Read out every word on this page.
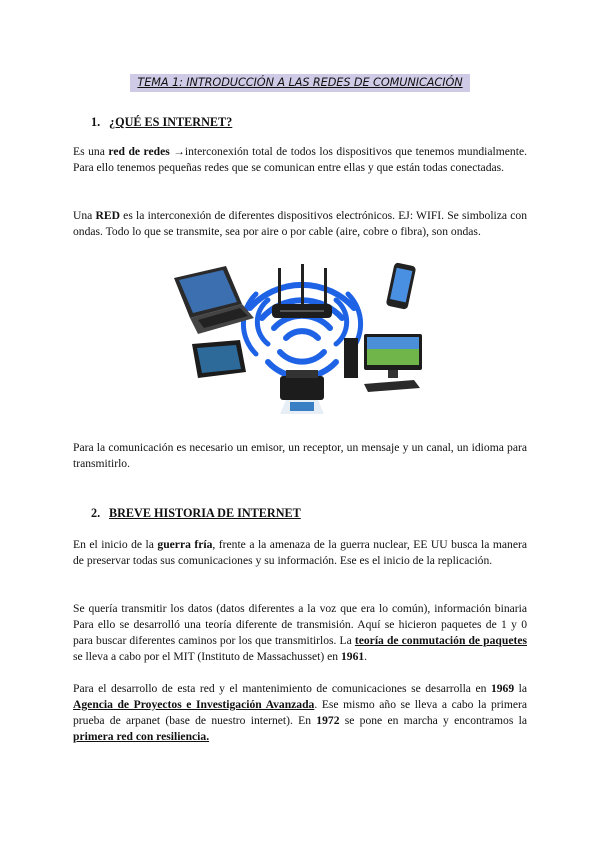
TEMA 1: INTRODUCCIÓN A LAS REDES DE COMUNICACIÓN
1. ¿QUÉ ES INTERNET?
Es una red de redes →interconexión total de todos los dispositivos que tenemos mundialmente. Para ello tenemos pequeñas redes que se comunican entre ellas y que están todas conectadas.
Una RED es la interconexión de diferentes dispositivos electrónicos. EJ: WIFI. Se simboliza con ondas. Todo lo que se transmite, sea por aire o por cable (aire, cobre o fibra), son ondas.
Para la comunicación es necesario un emisor, un receptor, un mensaje y un canal, un idioma para transmitirlo.
2. BREVE HISTORIA DE INTERNET
En el inicio de la guerra fría, frente a la amenaza de la guerra nuclear, EE UU busca la manera de preservar todas sus comunicaciones y su información. Ese es el inicio de la replicación.
Se quería transmitir los datos (datos diferentes a la voz que era lo común), información binaria Para ello se desarrolló una teoría diferente de transmisión. Aquí se hicieron paquetes de 1 y 0 para buscar diferentes caminos por los que transmitirlos. La teoría de conmutación de paquetes se lleva a cabo por el MIT (Instituto de Massachusset) en 1961.
Para el desarrollo de esta red y el mantenimiento de comunicaciones se desarrolla en 1969 la Agencia de Proyectos e Investigación Avanzada. Ese mismo año se lleva a cabo la primera prueba de arpanet (base de nuestro internet). En 1972 se pone en marcha y encontramos la primera red con resiliencia.
